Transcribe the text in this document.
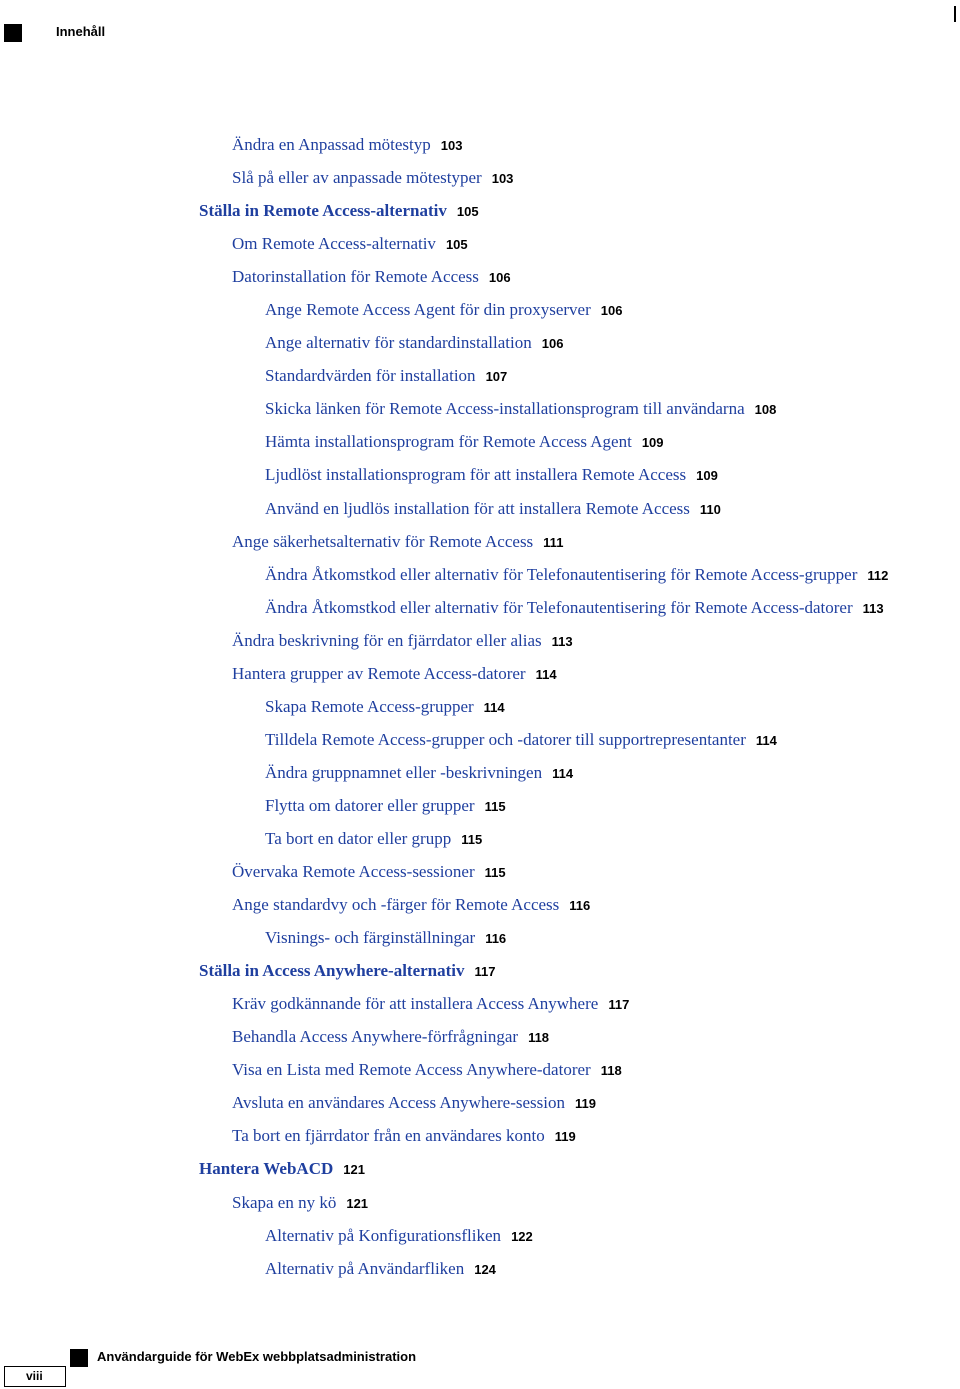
Innehåll
Ändra en Anpassad mötestyp 103
Slå på eller av anpassade mötestyper 103
Ställa in Remote Access-alternativ 105
Om Remote Access-alternativ 105
Datorinstallation för Remote Access 106
Ange Remote Access Agent för din proxyserver 106
Ange alternativ för standardinstallation 106
Standardvärden för installation 107
Skicka länken för Remote Access-installationsprogram till användarna 108
Hämta installationsprogram för Remote Access Agent 109
Ljudlöst installationsprogram för att installera Remote Access 109
Använd en ljudlös installation för att installera Remote Access 110
Ange säkerhetsalternativ för Remote Access 111
Ändra Åtkomstkod eller alternativ för Telefonautentisering för Remote Access-grupper 112
Ändra Åtkomstkod eller alternativ för Telefonautentisering för Remote Access-datorer 113
Ändra beskrivning för en fjärrdator eller alias 113
Hantera grupper av Remote Access-datorer 114
Skapa Remote Access-grupper 114
Tilldela Remote Access-grupper och -datorer till supportrepresentanter 114
Ändra gruppnamnet eller -beskrivningen 114
Flytta om datorer eller grupper 115
Ta bort en dator eller grupp 115
Övervaka Remote Access-sessioner 115
Ange standardvy och -färger för Remote Access 116
Visnings- och färginställningar 116
Ställa in Access Anywhere-alternativ 117
Kräv godkännande för att installera Access Anywhere 117
Behandla Access Anywhere-förfrågningar 118
Visa en Lista med Remote Access Anywhere-datorer 118
Avsluta en användares Access Anywhere-session 119
Ta bort en fjärrdator från en användares konto 119
Hantera WebACD 121
Skapa en ny kö 121
Alternativ på Konfigurationsfliken 122
Alternativ på Användarfliken 124
viii
Användarguide för WebEx webbplatsadministration
